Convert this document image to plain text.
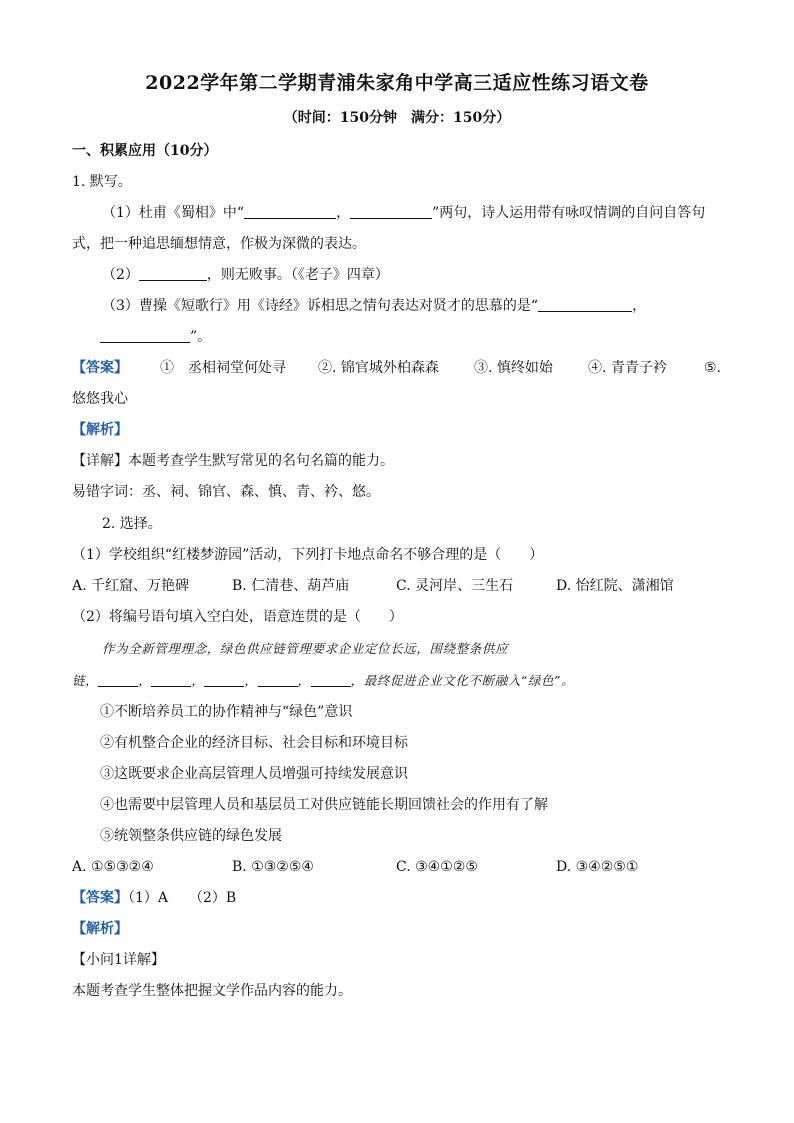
2022学年第二学期青浦朱家角中学高三适应性练习语文卷
（时间：150分钟　满分：150分）
一、积累应用（10分）
1. 默写。
（1）杜甫《蜀相》中“	，	”两句，诗人运用带有咏叹情调的自问自答句
式，把一种追思缅想情意，作极为深微的表达。
（2）	，则无败事。（《老子》四章）
（3）曹操《短歌行》用《诗经》诉相思之情句表达对贤才的思慕的是“	，
”。
【答案】 ①　丞相祠堂何处寻 ②. 锦官城外柏森森	③. 慎终如始	④. 青青子衿	⑤.
悠悠我心
【解析】
【详解】本题考查学生默写常见的名句名篇的能力。
易错字词：丞、祠、锦官、森、慎、青、衿、悠。
2. 选择。
（1）学校组织“红楼梦游园”活动，下列打卡地点命名不够合理的是（　　）
A. 千红窟、万艳碑	B. 仁清巷、葫芦庙	C. 灵河岸、三生石	D. 怡红院、潇湘馆
（2）将编号语句填入空白处，语意连贯的是（　　）
作为全新管理理念，绿色供应链管理要求企业定位长远，围绕整条供应
链，	，	，	，	，	，最终促进企业文化不断融入“绿色”。
①不断培养员工的协作精神与“绿色”意识
②有机整合企业的经济目标、社会目标和环境目标
③这既要求企业高层管理人员增强可持续发展意识
④也需要中层管理人员和基层员工对供应链能长期回馈社会的作用有了解
⑤统领整条供应链的绿色发展
A. ①⑤③②④	B. ①③②⑤④	C. ③④①②⑤	D. ③④②⑤①
【答案】（1）A　　（2）B
【解析】
【小问1详解】
本题考查学生整体把握文学作品内容的能力。
